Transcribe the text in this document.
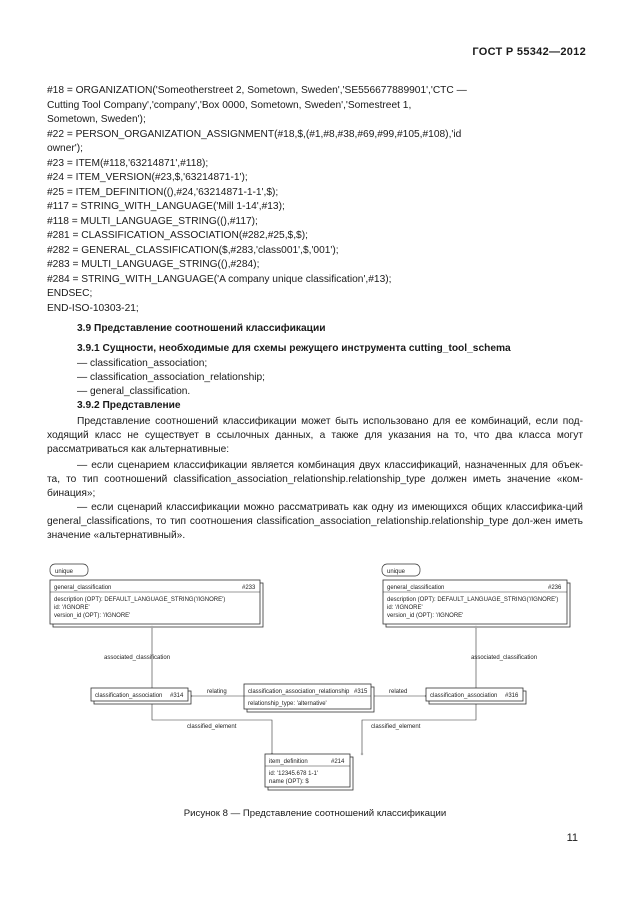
ГОСТ Р 55342—2012
#18 = ORGANIZATION('Someotherstreet 2, Sometown, Sweden','SE556677889901','CTC —
Cutting Tool Company','company','Box 0000, Sometown, Sweden','Somestreet 1,
Sometown, Sweden');
#22 = PERSON_ORGANIZATION_ASSIGNMENT(#18,$,(#1,#8,#38,#69,#99,#105,#108),'id
owner');
#23 = ITEM(#118,'63214871',#118);
#24 = ITEM_VERSION(#23,$,'63214871-1');
#25 = ITEM_DEFINITION((),#24,'63214871-1-1',$);
#117 = STRING_WITH_LANGUAGE('Mill 1-14',#13);
#118 = MULTI_LANGUAGE_STRING((),#117);
#281 = CLASSIFICATION_ASSOCIATION(#282,#25,$,$);
#282 = GENERAL_CLASSIFICATION($,#283,'class001',$,'001');
#283 = MULTI_LANGUAGE_STRING((),#284);
#284 = STRING_WITH_LANGUAGE('A company unique classification',#13);
ENDSEC;
END-ISO-10303-21;
3.9 Представление соотношений классификации
3.9.1 Сущности, необходимые для схемы режущего инструмента cutting_tool_schema
— classification_association;
— classification_association_relationship;
— general_classification.
3.9.2 Представление
Представление соотношений классификации может быть использовано для ее комбинаций, если под-ходящий класс не существует в ссылочных данных, а также для указания на то, что два класса могут рассматриваться как альтернативные:
— если сценарием классификации является комбинация двух классификаций, назначенных для объек-та, то тип соотношений classification_association_relationship.relationship_type должен иметь значение «ком-бинация»;
— если сценарий классификации можно рассматривать как одну из имеющихся общих классифика-ций general_classifications, то тип соотношения classification_association_relationship.relationship_type дол-жен иметь значение «альтернативный».
unique
general_classification	#233
description (OPT): DEFAULT_LANGUAGE_STRING('/IGNORE')
id: '/IGNORE'
version_id (OPT): '/IGNORE'
unique
general_classification	#236
description (OPT): DEFAULT_LANGUAGE_STRING('/IGNORE')
id: '/IGNORE'
version_id (OPT): '/IGNORE'
associated_classification	associated_classification
relating	related
classified_element	classified_element
classification_association #314
classification_association_relationship #315
relationship_type: 'alternative'
classification_association #316
item_definition	#214
id: '12345.678 1-1'
name (OPT): $
Рисунок 8 — Представление соотношений классификации
11
